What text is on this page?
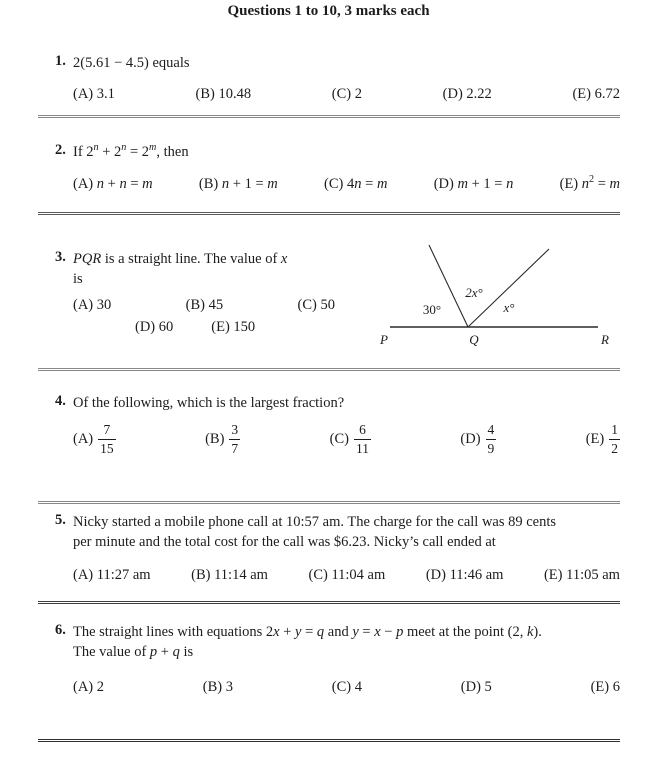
Questions 1 to 10, 3 marks each
1. 2(5.61 − 4.5) equals
(A) 3.1	(B) 10.48	(C) 2	(D) 2.22	(E) 6.72
2. If $2^n + 2^n = 2^m$, then
(A) n + n = m	(B) n + 1 = m	(C) 4n = m	(D) m + 1 = n	(E) $n^2 = m$
3. PQR is a straight line. The value of x
is
(A) 30	(B) 45	(C) 50
(D) 60	(E) 150
30°
2x°
x°
P	Q	R
4. Of the following, which is the largest fraction?
$(A) \frac{7}{15}$	$(B) \frac{3}{7}$	$(C) \frac{6}{11}$	$(D) \frac{4}{9}$	$(E) \frac{1}{2}$
5. Nicky started a mobile phone call at 10:57 am. The charge for the call was 89 cents
per minute and the total cost for the call was $6.23. Nicky’s call ended at
(A) 11:27 am	(B) 11:14 am	(C) 11:04 am	(D) 11:46 am	(E) 11:05 am
6. The straight lines with equations 2x + y = q and y = x − p meet at the point (2, k).
The value of p + q is
(A) 2	(B) 3	(C) 4	(D) 5	(E) 6
